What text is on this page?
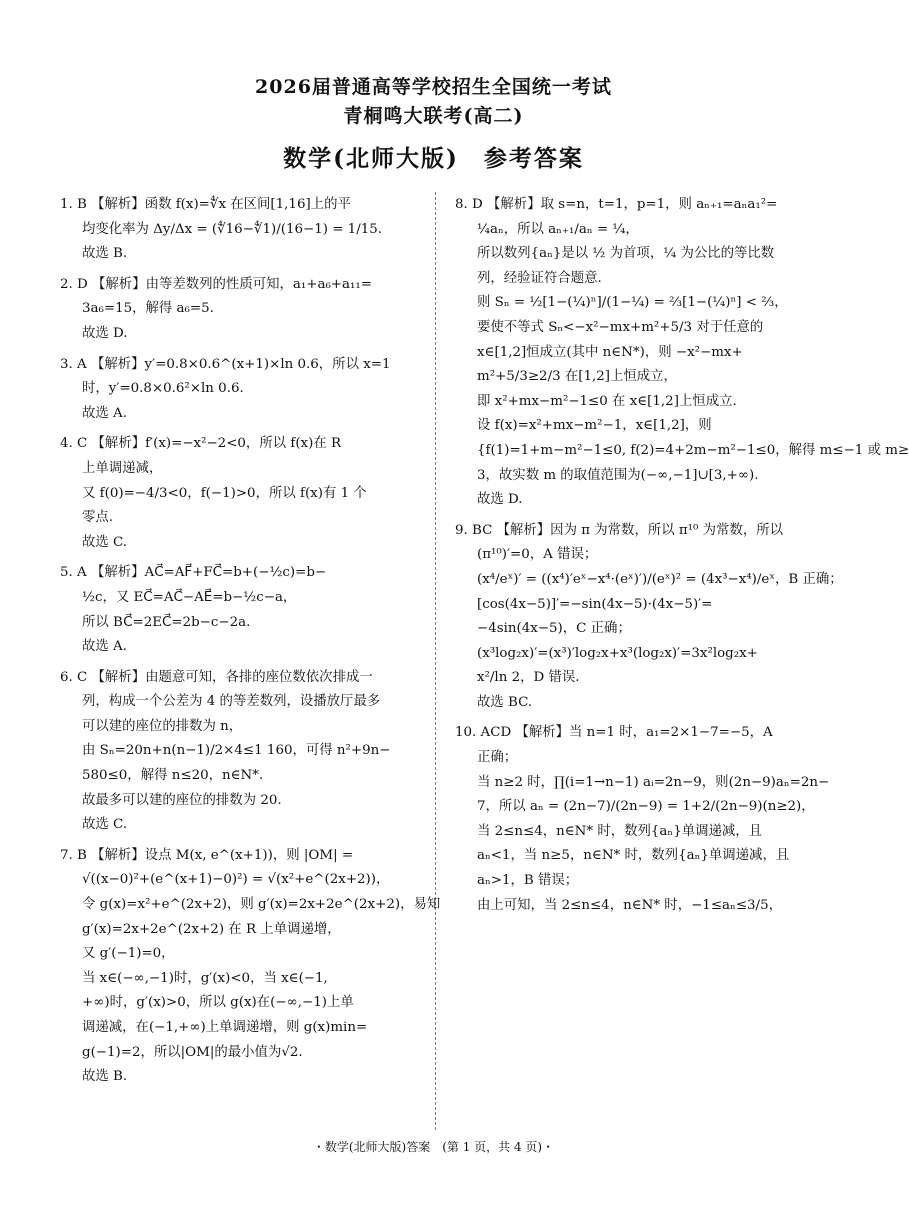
2026届普通高等学校招生全国统一考试
青桐鸣大联考(高二)
数学(北师大版)　参考答案
1. B 【解析】函数 f(x)=∜x 在区间[1,16]上的平
均变化率为 Δy/Δx = (∜16−∜1)/(16−1) = 1/15.
故选 B.
2. D 【解析】由等差数列的性质可知，a₁+a₆+a₁₁=
3a₆=15，解得 a₆=5.
故选 D.
3. A 【解析】y′=0.8×0.6^(x+1)×ln 0.6，所以 x=1
时，y′=0.8×0.6²×ln 0.6.
故选 A.
4. C 【解析】f′(x)=−x²−2<0，所以 f(x)在 R
上单调递减，
又 f(0)=−4/3<0，f(−1)>0，所以 f(x)有 1 个
零点.
故选 C.
5. A 【解析】AC⃗=AF⃗+FC⃗=b+(−½c)=b−
½c，又 EC⃗=AC⃗−AE⃗=b−½c−a，
所以 BC⃗=2EC⃗=2b−c−2a.
故选 A.
6. C 【解析】由题意可知，各排的座位数依次排成一
列，构成一个公差为 4 的等差数列，设播放厅最多
可以建的座位的排数为 n，
由 Sₙ=20n+n(n−1)/2×4≤1 160，可得 n²+9n−
580≤0，解得 n≤20，n∈N*.
故最多可以建的座位的排数为 20.
故选 C.
7. B 【解析】设点 M(x, e^(x+1))，则 |OM| =
√((x−0)²+(e^(x+1)−0)²) = √(x²+e^(2x+2))，
令 g(x)=x²+e^(2x+2)，则 g′(x)=2x+2e^(2x+2)，易知
g′(x)=2x+2e^(2x+2) 在 R 上单调递增，
又 g′(−1)=0，
当 x∈(−∞,−1)时，g′(x)<0，当 x∈(−1,
+∞)时，g′(x)>0，所以 g(x)在(−∞,−1)上单
调递减，在(−1,+∞)上单调递增，则 g(x)min=
g(−1)=2，所以|OM|的最小值为√2.
故选 B.
8. D 【解析】取 s=n，t=1，p=1，则 aₙ₊₁=aₙa₁²=
¼aₙ，所以 aₙ₊₁/aₙ = ¼，
所以数列{aₙ}是以 ½ 为首项，¼ 为公比的等比数
列，经验证符合题意.
则 Sₙ = ½[1−(¼)ⁿ]/(1−¼) = ⅔[1−(¼)ⁿ] < ⅔，
要使不等式 Sₙ<−x²−mx+m²+5/3 对于任意的
x∈[1,2]恒成立(其中 n∈N*)，则 −x²−mx+
m²+5/3≥2/3 在[1,2]上恒成立，
即 x²+mx−m²−1≤0 在 x∈[1,2]上恒成立.
设 f(x)=x²+mx−m²−1，x∈[1,2]，则
{f(1)=1+m−m²−1≤0, f(2)=4+2m−m²−1≤0，解得 m≤−1 或 m≥
3，故实数 m 的取值范围为(−∞,−1]∪[3,+∞).
故选 D.
9. BC 【解析】因为 π 为常数，所以 π¹⁰ 为常数，所以
(π¹⁰)′=0，A 错误；
(x⁴/eˣ)′ = ((x⁴)′eˣ−x⁴·(eˣ)′)/(eˣ)² = (4x³−x⁴)/eˣ，B 正确；
[cos(4x−5)]′=−sin(4x−5)·(4x−5)′=
−4sin(4x−5)，C 正确；
(x³log₂x)′=(x³)′log₂x+x³(log₂x)′=3x²log₂x+
x²/ln 2，D 错误.
故选 BC.
10. ACD 【解析】当 n=1 时，a₁=2×1−7=−5，A
正确；
当 n≥2 时，∏(i=1→n−1) aᵢ=2n−9，则(2n−9)aₙ=2n−
7，所以 aₙ = (2n−7)/(2n−9) = 1+2/(2n−9)(n≥2)，
当 2≤n≤4，n∈N* 时，数列{aₙ}单调递减，且
aₙ<1，当 n≥5，n∈N* 时，数列{aₙ}单调递减，且
aₙ>1，B 错误；
由上可知，当 2≤n≤4，n∈N* 时，−1≤aₙ≤3/5，
・数学(北师大版)答案　(第 1 页，共 4 页)・
